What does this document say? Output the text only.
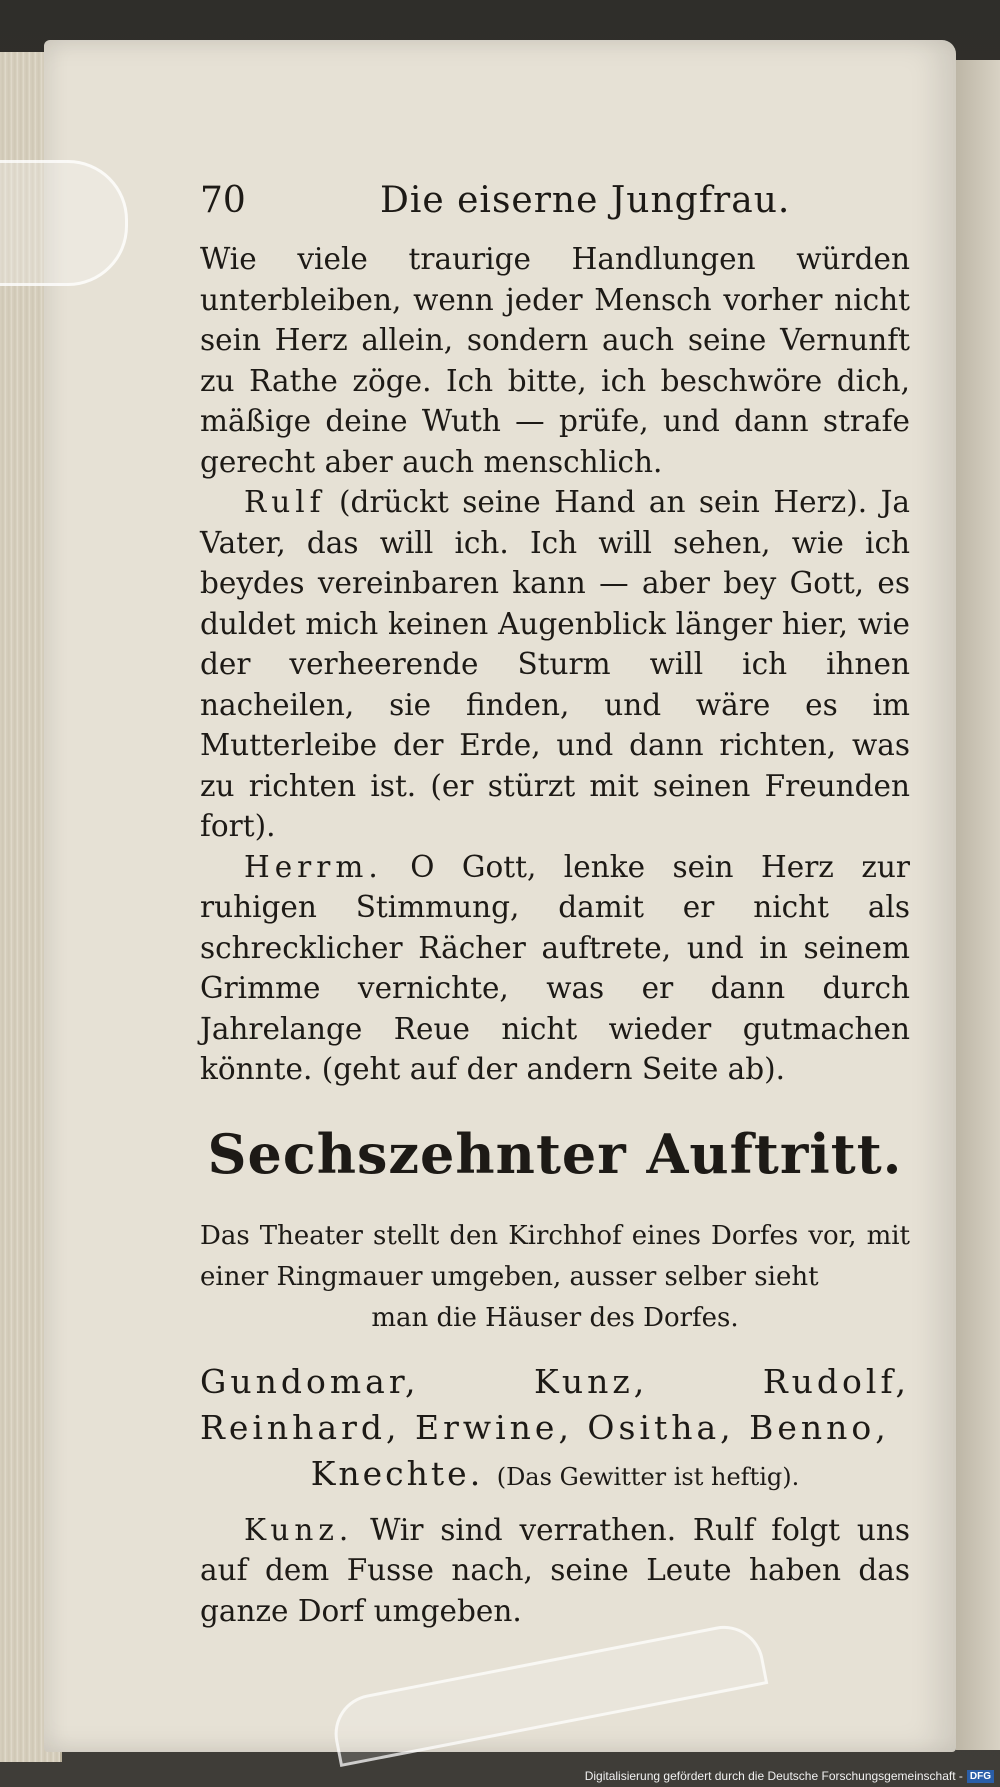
70	Die eiserne Jungfrau.

Wie viele traurige Handlungen würden unterbleiben, wenn jeder Mensch vorher nicht sein Herz allein, sondern auch seine Vernunft zu Rathe zöge. Ich bitte, ich beschwöre dich, mäßige deine Wuth — prüfe, und dann strafe gerecht aber auch menschlich.

Rulf (drückt seine Hand an sein Herz). Ja Vater, das will ich. Ich will sehen, wie ich beydes vereinbaren kann — aber bey Gott, es duldet mich keinen Augenblick länger hier, wie der verheerende Sturm will ich ihnen nacheilen, sie finden, und wäre es im Mutterleibe der Erde, und dann richten, was zu richten ist. (er stürzt mit seinen Freunden fort).

Herrm. O Gott, lenke sein Herz zur ruhigen Stimmung, damit er nicht als schrecklicher Rächer auftrete, und in seinem Grimme vernichte, was er dann durch Jahrelange Reue nicht wieder gutmachen könnte. (geht auf der andern Seite ab).

Sechszehnter Auftritt.

Das Theater stellt den Kirchhof eines Dorfes vor, mit einer Ringmauer umgeben, ausser selber sieht
man die Häuser des Dorfes.

Gundomar, Kunz, Rudolf, Reinhard, Erwine, Ositha, Benno,
Knechte. (Das Gewitter ist heftig).

Kunz. Wir sind verrathen. Rulf folgt uns auf dem Fusse nach, seine Leute haben das ganze Dorf umgeben.

Digitalisierung gefördert durch die Deutsche Forschungsgemeinschaft - DFG
